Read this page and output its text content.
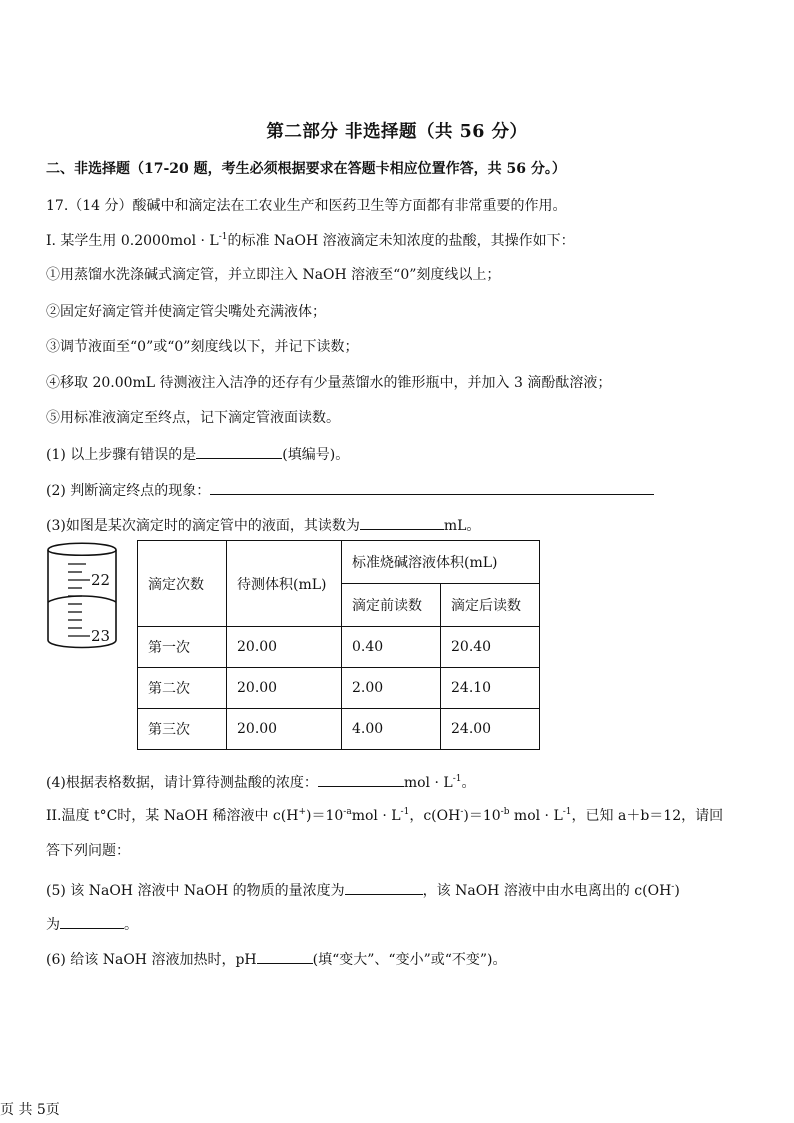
第二部分 非选择题（共 56 分）
二、非选择题（17-20 题，考生必须根据要求在答题卡相应位置作答，共 56 分。）
17.（14 分）酸碱中和滴定法在工农业生产和医药卫生等方面都有非常重要的作用。
I. 某学生用 $0.2000mol \cdot L^{-1}$的标准 NaOH 溶液滴定未知浓度的盐酸，其操作如下：
①用蒸馏水洗涤碱式滴定管，并立即注入 NaOH 溶液至“0”刻度线以上；
②固定好滴定管并使滴定管尖嘴处充满液体；
③调节液面至“0”或“0”刻度线以下，并记下读数；
④移取 20.00mL 待测液注入洁净的还存有少量蒸馏水的锥形瓶中，并加入 3 滴酚酞溶液；
⑤用标准液滴定至终点，记下滴定管液面读数。
(1) 以上步骤有错误的是	(填编号)。
(2) 判断滴定终点的现象：
(3)如图是某次滴定时的滴定管中的液面，其读数为	mL。
22
23
滴定次数	待测体积(mL)	标准烧碱溶液体积(mL)	
		滴定前读数	滴定后读数
第一次	20.00	0.40	20.40
第二次	20.00	2.00	24.10
第三次	20.00	4.00	24.00
(4)根据表格数据，请计算待测盐酸的浓度：	mol · $L^{-1}$。
II.温度 t°C时，某 NaOH 稀溶液中 $c(H^+)=10^{-a}mol \cdot L^{-1}$，$c(OH^-)=10^{-b}$ mol · $L^{-1}$，已知 a＋b＝12，请回
答下列问题：
(5) 该 NaOH 溶液中 NaOH 的物质的量浓度为	，该 NaOH 溶液中由水电离出的 c(OH-)
为	。
(6) 给该 NaOH 溶液加热时，pH	(填“变大”、“变小”或“不变”)。
页 共 5页
